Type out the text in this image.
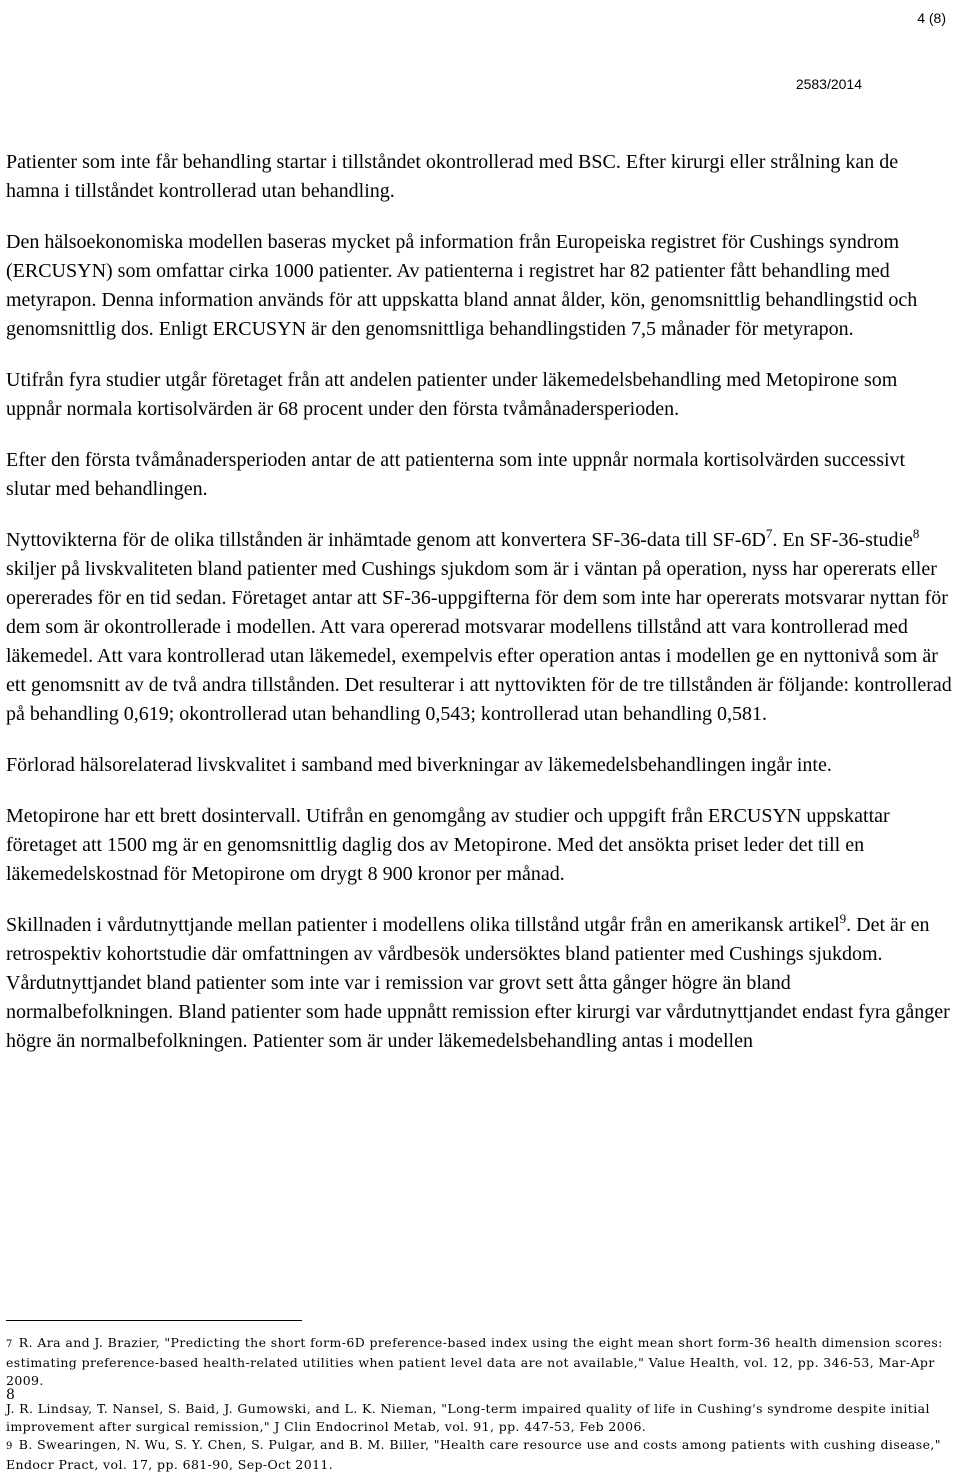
4 (8)
2583/2014

Patienter som inte får behandling startar i tillståndet okontrollerad med BSC. Efter kirurgi eller strålning kan de hamna i tillståndet kontrollerad utan behandling.

Den hälsoekonomiska modellen baseras mycket på information från Europeiska registret för Cushings syndrom (ERCUSYN) som omfattar cirka 1000 patienter. Av patienterna i registret har 82 patienter fått behandling med metyrapon. Denna information används för att uppskatta bland annat ålder, kön, genomsnittlig behandlingstid och genomsnittlig dos. Enligt ERCUSYN är den genomsnittliga behandlingstiden 7,5 månader för metyrapon.

Utifrån fyra studier utgår företaget från att andelen patienter under läkemedelsbehandling med Metopirone som uppnår normala kortisolvärden är 68 procent under den första tvåmånadersperioden.

Efter den första tvåmånadersperioden antar de att patienterna som inte uppnår normala kortisolvärden successivt slutar med behandlingen.

Nyttovikterna för de olika tillstånden är inhämtade genom att konvertera SF-36-data till $SF-6D^7$. En SF-36-studie$^8$ skiljer på livskvaliteten bland patienter med Cushings sjukdom som är i väntan på operation, nyss har opererats eller opererades för en tid sedan. Företaget antar att SF-36-uppgifterna för dem som inte har opererats motsvarar nyttan för dem som är okontrollerade i modellen. Att vara opererad motsvarar modellens tillstånd att vara kontrollerad med läkemedel. Att vara kontrollerad utan läkemedel, exempelvis efter operation antas i modellen ge en nyttonivå som är ett genomsnitt av de två andra tillstånden. Det resulterar i att nyttovikten för de tre tillstånden är följande: kontrollerad på behandling 0,619; okontrollerad utan behandling 0,543; kontrollerad utan behandling 0,581.

Förlorad hälsorelaterad livskvalitet i samband med biverkningar av läkemedelsbehandlingen ingår inte.

Metopirone har ett brett dosintervall. Utifrån en genomgång av studier och uppgift från ERCUSYN uppskattar företaget att 1500 mg är en genomsnittlig daglig dos av Metopirone. Med det ansökta priset leder det till en läkemedelskostnad för Metopirone om drygt 8 900 kronor per månad.

Skillnaden i vårdutnyttjande mellan patienter i modellens olika tillstånd utgår från en amerikansk artikel$^9$. Det är en retrospektiv kohortstudie där omfattningen av vårdbesök undersöktes bland patienter med Cushings sjukdom. Vårdutnyttjandet bland patienter som inte var i remission var grovt sett åtta gånger högre än bland normalbefolkningen. Bland patienter som hade uppnått remission efter kirurgi var vårdutnyttjandet endast fyra gånger högre än normalbefolkningen. Patienter som är under läkemedelsbehandling antas i modellen

7 R. Ara and J. Brazier, "Predicting the short form-6D preference-based index using the eight mean short form-36 health dimension scores: estimating preference-based health-related utilities when patient level data are not available," Value Health, vol. 12, pp. 346-53, Mar-Apr 2009.

8
J. R. Lindsay, T. Nansel, S. Baid, J. Gumowski, and L. K. Nieman, "Long-term impaired quality of life in Cushing's syndrome despite initial improvement after surgical remission," J Clin Endocrinol Metab, vol. 91, pp. 447-53, Feb 2006.

9 B. Swearingen, N. Wu, S. Y. Chen, S. Pulgar, and B. M. Biller, "Health care resource use and costs among patients with cushing disease," Endocr Pract, vol. 17, pp. 681-90, Sep-Oct 2011.
